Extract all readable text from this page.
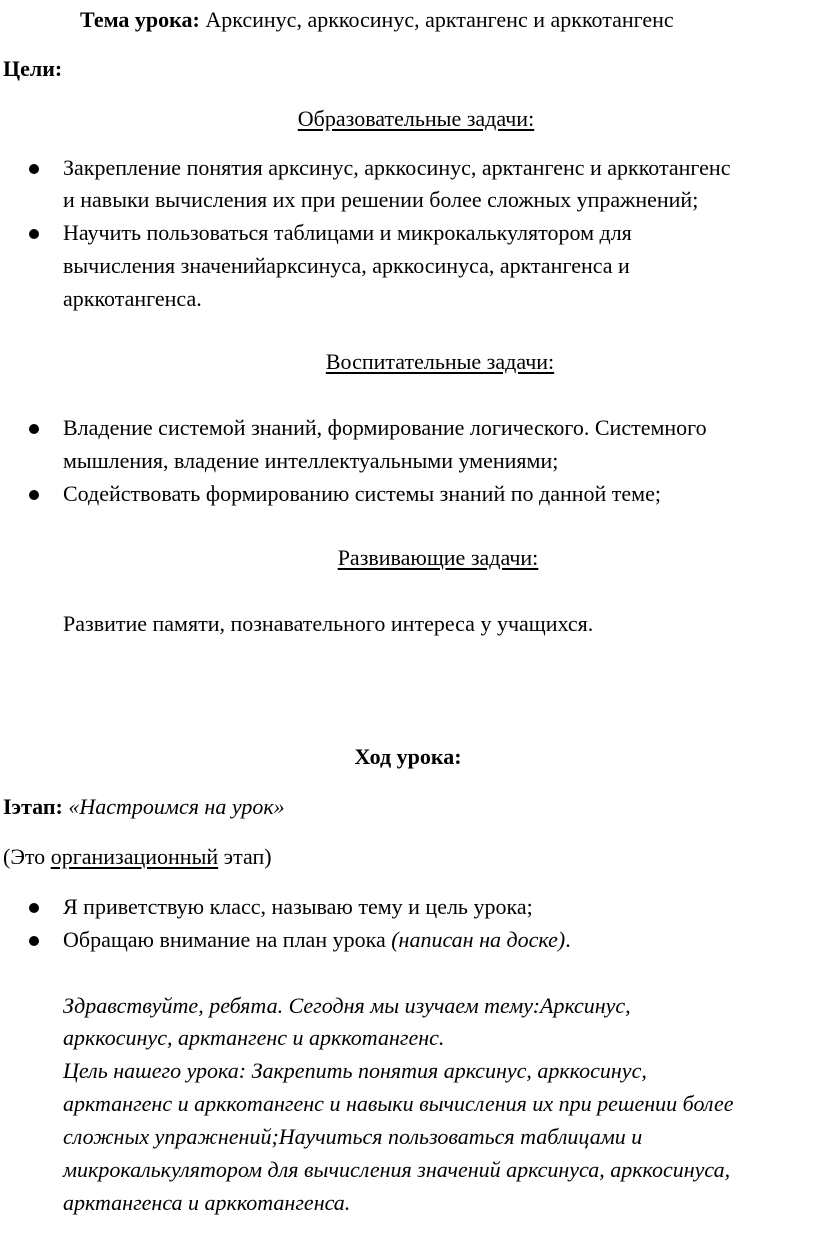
Тема урока: Арксинус, арккосинус, арктангенс и арккотангенс
Цели:
Образовательные задачи:
Закрепление понятия арксинус, арккосинус, арктангенс и арккотангенс
и навыки вычисления их при решении более сложных упражнений;
Научить пользоваться таблицами и микрокалькулятором для
вычисления значенийарксинуса, арккосинуса, арктангенса и
арккотангенса.
Воспитательные задачи:
Владение системой знаний, формирование логического. Системного
мышления, владение интеллектуальными умениями;
Содействовать формированию системы знаний по данной теме;
Развивающие задачи:
Развитие памяти, познавательного интереса у учащихся.
Ход урока:
Iэтап: «Настроимся на урок»
(Это организационный этап)
Я приветствую класс, называю тему и цель урока;
Обращаю внимание на план урока (написан на доске).
Здравствуйте, ребята. Сегодня мы изучаем тему:Арксинус,
арккосинус, арктангенс и арккотангенс.
Цель нашего урока: Закрепить понятия арксинус, арккосинус,
арктангенс и арккотангенс и навыки вычисления их при решении более
сложных упражнений;Научиться пользоваться таблицами и
микрокалькулятором для вычисления значений арксинуса, арккосинуса,
арктангенса и арккотангенса.
